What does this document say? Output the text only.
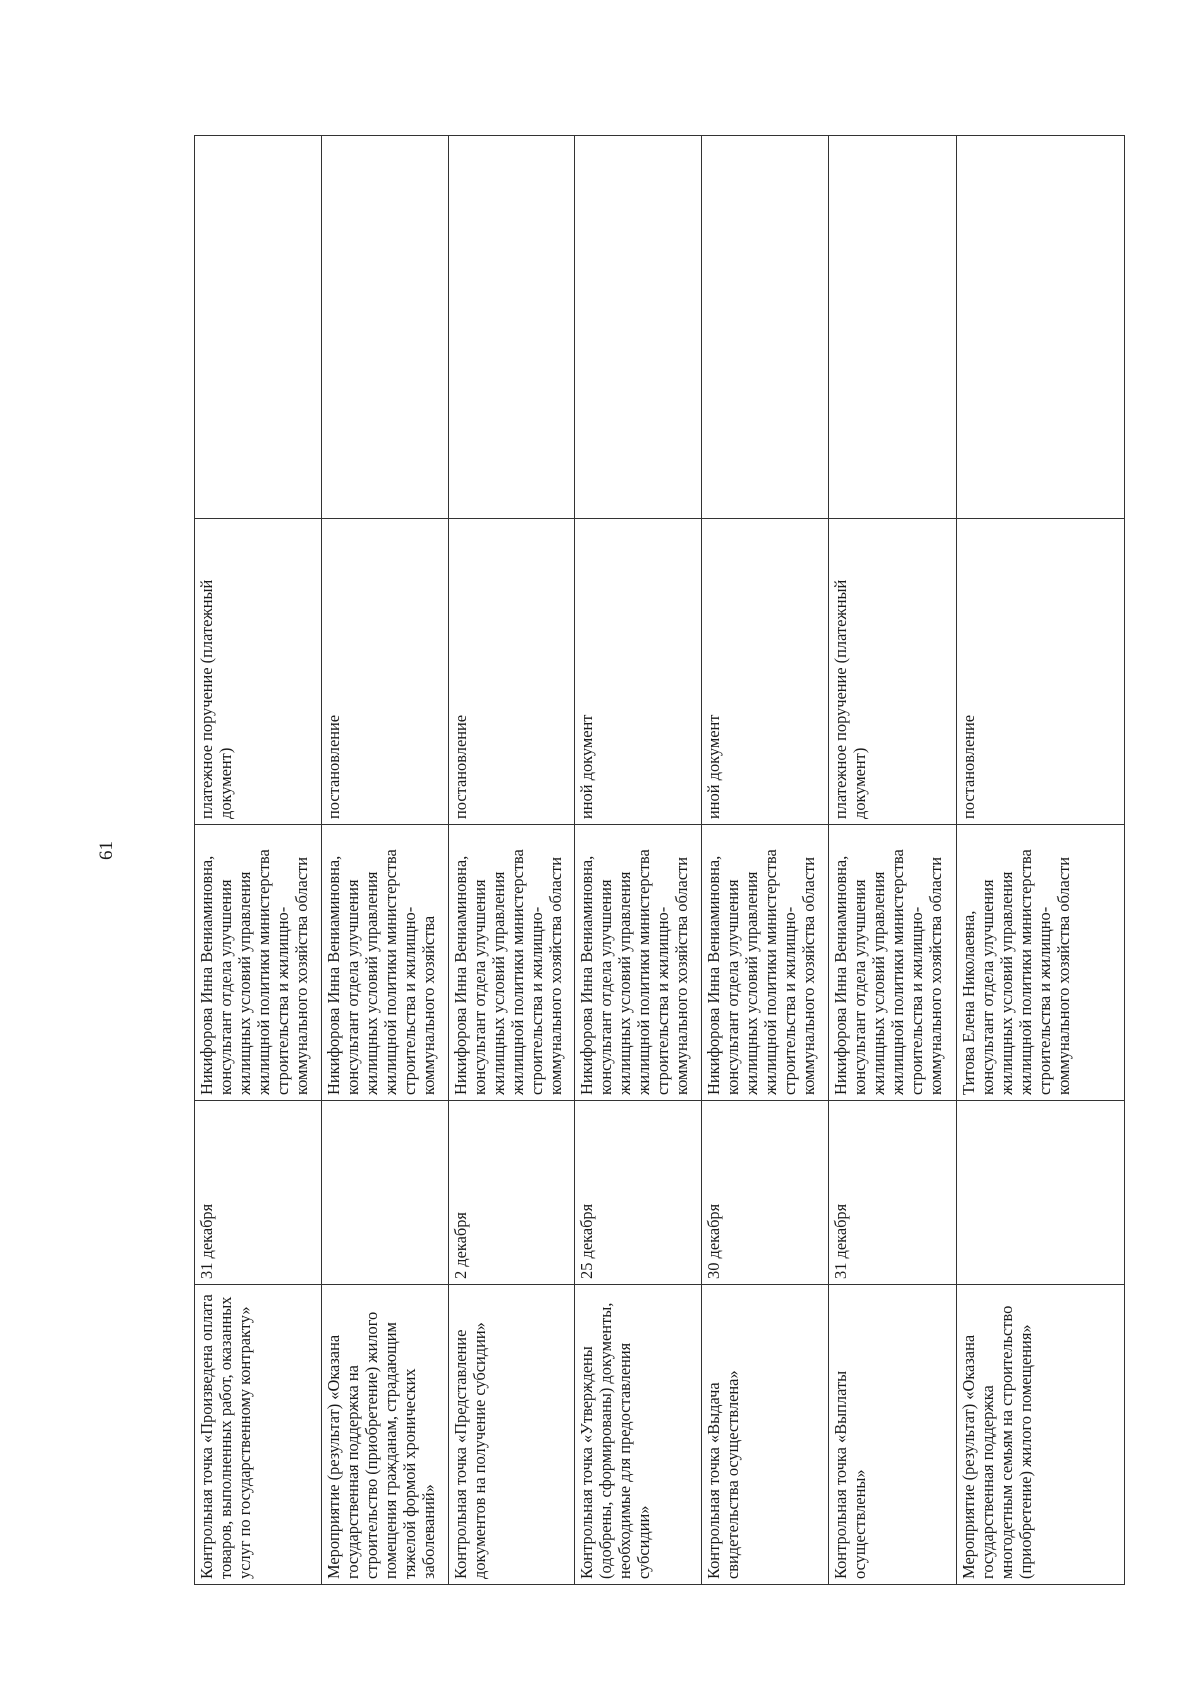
61
Контрольная точка «Произведена оплата товаров, выполненных работ, оказанных услуг по государственному контракту»	31 декабря	Никифорова Инна Вениаминовна, консультант отдела улучшения жилищных условий управления жилищной политики министерства строительства и жилищно-коммунального хозяйства области	платежное поручение (платежный документ)	
Мероприятие (результат) «Оказана государственная поддержка на строительство (приобретение) жилого помещения гражданам, страдающим тяжелой формой хронических заболеваний»		Никифорова Инна Вениаминовна, консультант отдела улучшения жилищных условий управления жилищной политики министерства строительства и жилищно-коммунального хозяйства	постановление	
Контрольная точка «Представление документов на получение субсидии»	2 декабря	Никифорова Инна Вениаминовна, консультант отдела улучшения жилищных условий управления жилищной политики министерства строительства и жилищно-коммунального хозяйства области	постановление	
Контрольная точка «Утверждены (одобрены, сформированы) документы, необходимые для предоставления субсидии»	25 декабря	Никифорова Инна Вениаминовна, консультант отдела улучшения жилищных условий управления жилищной политики министерства строительства и жилищно-коммунального хозяйства области	иной документ	
Контрольная точка «Выдача свидетельства осуществлена»	30 декабря	Никифорова Инна Вениаминовна, консультант отдела улучшения жилищных условий управления жилищной политики министерства строительства и жилищно-коммунального хозяйства области	иной документ	
Контрольная точка «Выплаты осуществлены»	31 декабря	Никифорова Инна Вениаминовна, консультант отдела улучшения жилищных условий управления жилищной политики министерства строительства и жилищно-коммунального хозяйства области	платежное поручение (платежный документ)	
Мероприятие (результат) «Оказана государственная поддержка многодетным семьям на строительство (приобретение) жилого помещения»		Титова Елена Николаевна, консультант отдела улучшения жилищных условий управления жилищной политики министерства строительства и жилищно-коммунального хозяйства области	постановление	
